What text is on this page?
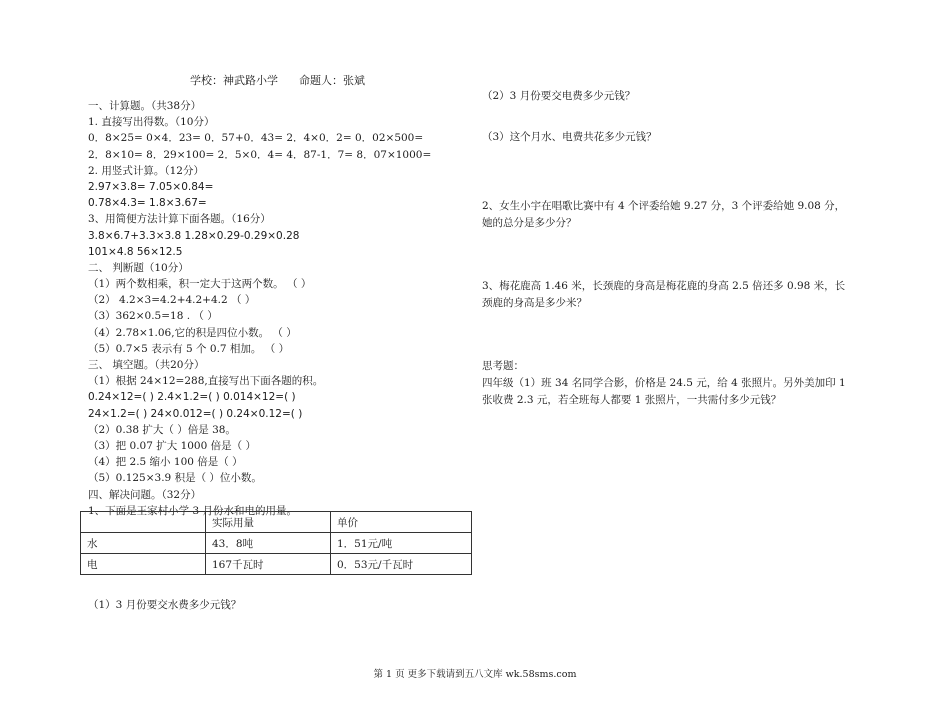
学校：神武路小学 命题人：张斌
一、计算题。（共38分）
1. 直接写出得数。（10分）
0．8×25= 0×4．23= 0．57+0．43= 2．4×0．2= 0．02×500=
2．8×10= 8．29×100= 2．5×0．4= 4．87-1．7= 8．07×1000=
2. 用竖式计算。（12分）
2.97×3.8= 7.05×0.84=
0.78×4.3= 1.8×3.67=
3、用简便方法计算下面各题。（16分）
3.8×6.7+3.3×3.8 1.28×0.29-0.29×0.28
101×4.8 56×12.5
二、 判断题（10分）
（1）两个数相乘，积一定大于这两个数。 （ ）
（2） 4.2×3=4.2+4.2+4.2 （ ）
（3）362×0.5=18 . （ ）
（4）2.78×1.06,它的积是四位小数。 （ ）
（5）0.7×5 表示有 5 个 0.7 相加。 （ ）
三、 填空题。（共20分）
（1）根据 24×12=288,直接写出下面各题的积。
0.24×12=( ) 2.4×1.2=( ) 0.014×12=( )
24×1.2=( ) 24×0.012=( ) 0.24×0.12=( )
（2）0.38 扩大（ ）倍是 38。
（3）把 0.07 扩大 1000 倍是（ ）
（4）把 2.5 缩小 100 倍是（ ）
（5）0.125×3.9 积是（ ）位小数。
四、解决问题。（32分）
1、下面是王家村小学 3 月份水和电的用量。
	实际用量	单价
水	43．8吨	1．51元/吨
电	167千瓦时	0．53元/千瓦时
（1）3 月份要交水费多少元钱？
（2）3 月份要交电费多少元钱？
（3）这个月水、电费共花多少元钱？
2、女生小宇在唱歌比赛中有 4 个评委给她 9.27 分，3 个评委给她 9.08 分，
她的总分是多少分？
3、梅花鹿高 1.46 米，长颈鹿的身高是梅花鹿的身高 2.5 倍还多 0.98 米，长
颈鹿的身高是多少米？
思考题：
四年级（1）班 34 名同学合影，价格是 24.5 元，给 4 张照片。另外美加印 1
张收费 2.3 元，若全班每人都要 1 张照片，一共需付多少元钱？
第 1 页 更多下载请到五八文库 wk.58sms.com
